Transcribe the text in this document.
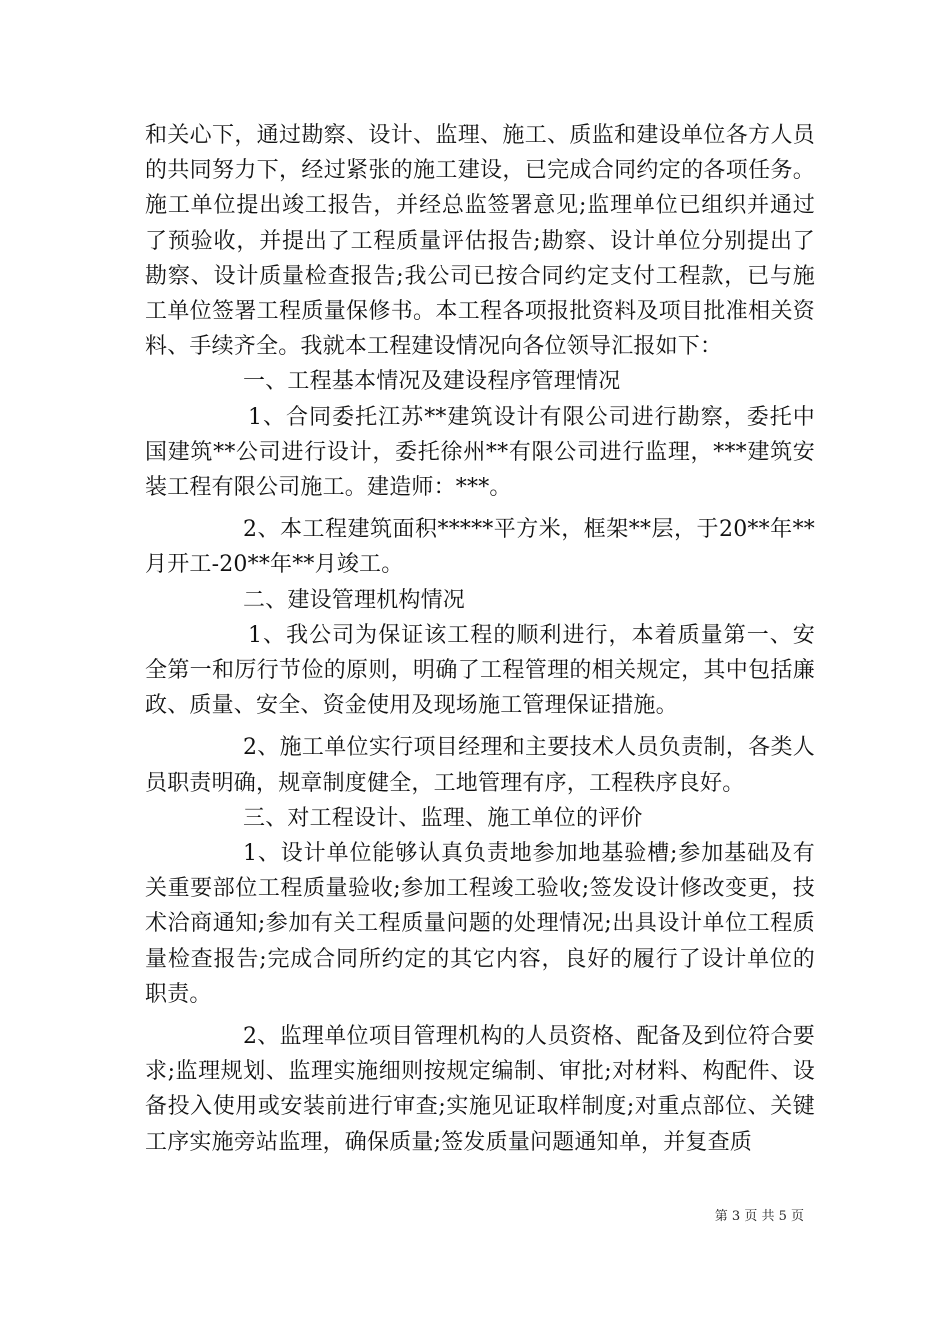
和关心下，通过勘察、设计、监理、施工、质监和建设单位各方人员的共同努力下，经过紧张的施工建设，已完成合同约定的各项任务。施工单位提出竣工报告，并经总监签署意见;监理单位已组织并通过了预验收，并提出了工程质量评估报告;勘察、设计单位分别提出了勘察、设计质量检查报告;我公司已按合同约定支付工程款，已与施工单位签署工程质量保修书。本工程各项报批资料及项目批准相关资料、手续齐全。我就本工程建设情况向各位领导汇报如下：

一、工程基本情况及建设程序管理情况

1、合同委托江苏**建筑设计有限公司进行勘察，委托中国建筑**公司进行设计，委托徐州**有限公司进行监理，***建筑安装工程有限公司施工。建造师：***。

2、本工程建筑面积*****平方米，框架**层，于20**年**月开工-20**年**月竣工。

二、建设管理机构情况

1、我公司为保证该工程的顺利进行，本着质量第一、安全第一和厉行节俭的原则，明确了工程管理的相关规定，其中包括廉政、质量、安全、资金使用及现场施工管理保证措施。

2、施工单位实行项目经理和主要技术人员负责制，各类人员职责明确，规章制度健全，工地管理有序，工程秩序良好。

三、对工程设计、监理、施工单位的评价

1、设计单位能够认真负责地参加地基验槽;参加基础及有关重要部位工程质量验收;参加工程竣工验收;签发设计修改变更，技术洽商通知;参加有关工程质量问题的处理情况;出具设计单位工程质量检查报告;完成合同所约定的其它内容，良好的履行了设计单位的职责。

2、监理单位项目管理机构的人员资格、配备及到位符合要求;监理规划、监理实施细则按规定编制、审批;对材料、构配件、设备投入使用或安装前进行审查;实施见证取样制度;对重点部位、关键工序实施旁站监理，确保质量;签发质量问题通知单，并复查质

第 3 页 共 5 页
